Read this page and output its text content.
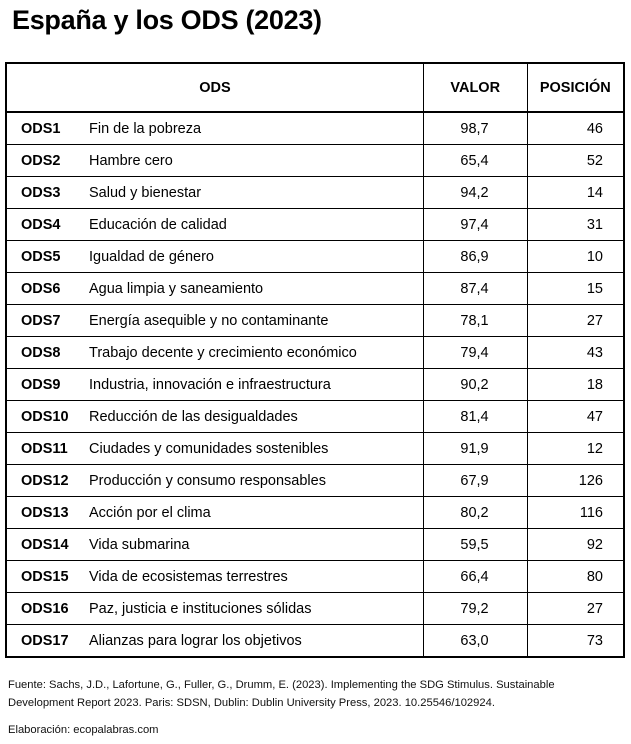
España y los ODS (2023)
ODS	VALOR	POSICIÓN
ODS1 Fin de la pobreza	98,7	46
ODS2 Hambre cero	65,4	52
ODS3 Salud y bienestar	94,2	14
ODS4 Educación de calidad	97,4	31
ODS5 Igualdad de género	86,9	10
ODS6 Agua limpia y saneamiento	87,4	15
ODS7 Energía asequible y no contaminante	78,1	27
ODS8 Trabajo decente y crecimiento económico	79,4	43
ODS9 Industria, innovación e infraestructura	90,2	18
ODS10 Reducción de las desigualdades	81,4	47
ODS11 Ciudades y comunidades sostenibles	91,9	12
ODS12 Producción y consumo responsables	67,9	126
ODS13 Acción por el clima	80,2	116
ODS14 Vida submarina	59,5	92
ODS15 Vida de ecosistemas terrestres	66,4	80
ODS16 Paz, justicia e instituciones sólidas	79,2	27
ODS17 Alianzas para lograr los objetivos	63,0	73
Fuente: Sachs, J.D., Lafortune, G., Fuller, G., Drumm, E. (2023). Implementing the SDG Stimulus. Sustainable
Development Report 2023. Paris: SDSN, Dublin: Dublin University Press, 2023. 10.25546/102924.
Elaboración: ecopalabras.com
